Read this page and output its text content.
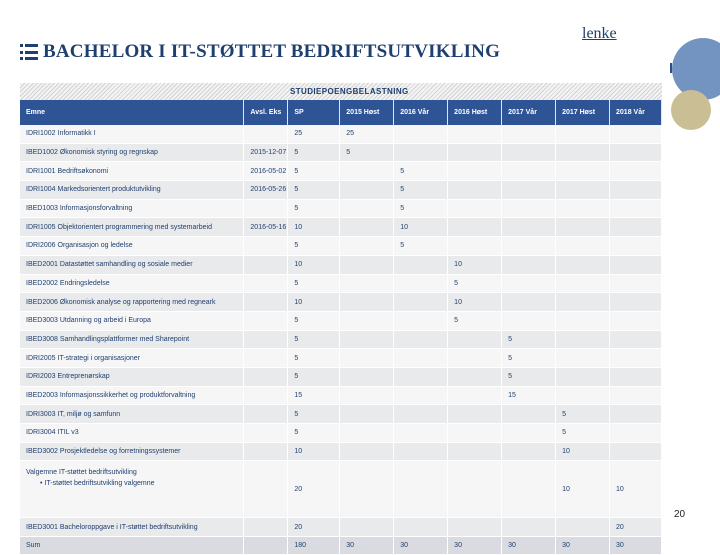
BACHELOR I IT-STØTTET BEDRIFTSUTVIKLING
lenke
STUDIEPOENGBELASTNING
Emne	Avsl. Eks	SP	2015 Høst	2016 Vår	2016 Høst	2017 Vår	2017 Høst	2018 Vår
IDRI1002 Informatikk I		25	25					
IBED1002 Økonomisk styring og regnskap	2015-12-07	5	5					
IDRI1001 Bedriftsøkonomi	2016-05-02	5		5				
IDRI1004 Markedsorientert produktutvikling	2016-05-26	5		5				
IBED1003 Informasjonsforvaltning		5		5				
IDRI1005 Objektorientert programmering med systemarbeid	2016-05-16	10		10				
IDRI2006 Organisasjon og ledelse		5		5				
IBED2001 Datastøttet samhandling og sosiale medier		10			10			
IBED2002 Endringsledelse		5			5			
IBED2006 Økonomisk analyse og rapportering med regneark		10			10			
IBED3003 Utdanning og arbeid i Europa		5			5			
IBED3008 Samhandlingsplattformer med Sharepoint		5				5		
IDRI2005 IT-strategi i organisasjoner		5				5		
IDRI2003 Entreprenørskap		5				5		
IBED2003 Informasjonssikkerhet og produktforvaltning		15				15		
IDRI3003 IT, miljø og samfunn		5					5	
IDRI3004 ITIL v3		5					5	
IBED3002 Prosjektledelse og forretningssystemer		10					10	
Valgemne IT-støttet bedriftsutvikling
• IT-støttet bedriftsutvikling valgemne		20					10	10
IBED3001 Bacheloroppgave i IT-støttet bedriftsutvikling		20						20
Sum		180	30	30	30	30	30	30
20
